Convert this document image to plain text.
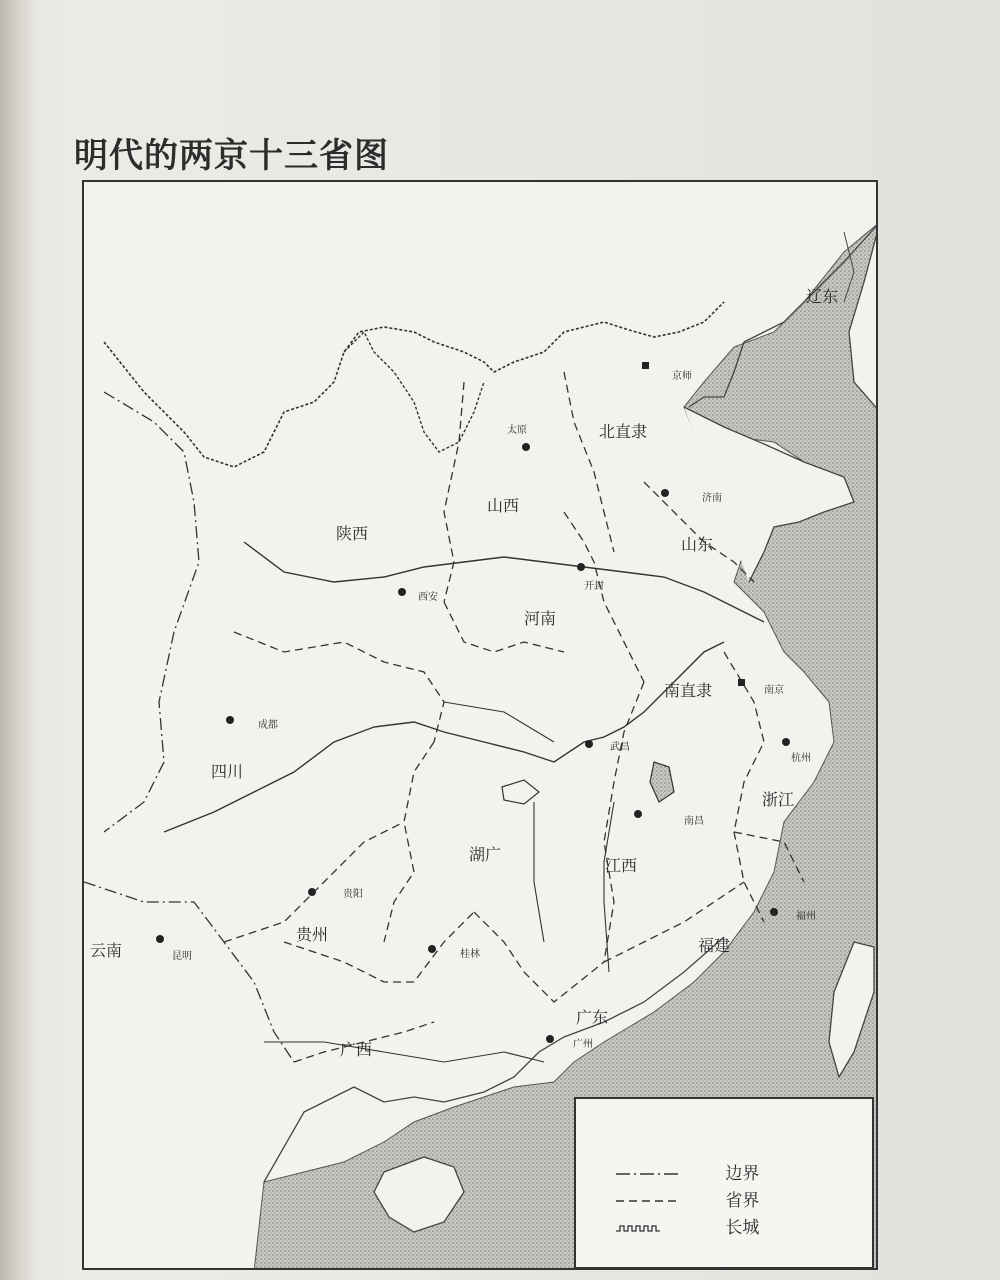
明代的两京十三省图
辽东
北直隶
山西
山东
陕西
河南
南直隶
四川
湖广
浙江
江西
贵州
福建
云南
广西
广东
京师
太原
济南
开封
西安
南京
成都
武昌
杭州
南昌
贵阳
福州
昆明	桂林
广州
边界
省界
长城
